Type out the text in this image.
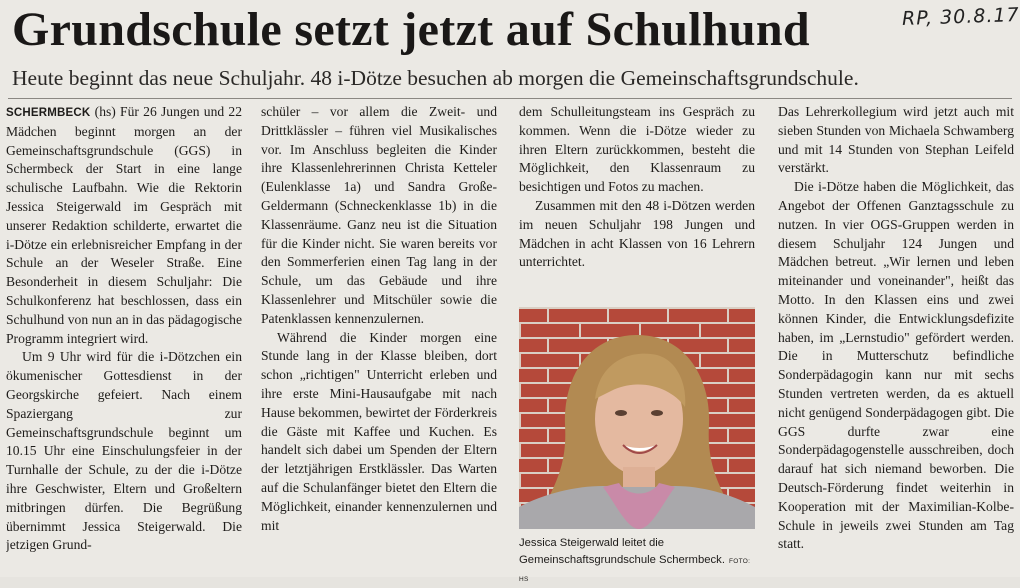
Grundschule setzt jetzt auf Schulhund	RP, 30.8.17
Heute beginnt das neue Schuljahr. 48 i-Dötze besuchen ab morgen die Gemeinschaftsgrundschule.

SCHERMBECK (hs) Für 26 Jungen und 22 Mädchen beginnt morgen an der Gemeinschaftsgrundschule (GGS) in Schermbeck der Start in eine lange schulische Laufbahn. Wie die Rektorin Jessica Steigerwald im Gespräch mit unserer Redaktion schilderte, erwartet die i-Dötze ein erlebnisreicher Empfang in der Schule an der Weseler Straße. Eine Besonderheit in diesem Schuljahr: Die Schulkonferenz hat beschlossen, dass ein Schulhund von nun an in das pädagogische Programm integriert wird.

Um 9 Uhr wird für die i-Dötzchen ein ökumenischer Gottesdienst in der Georgskirche gefeiert. Nach einem Spaziergang zur Gemeinschaftsgrundschule beginnt um 10.15 Uhr eine Einschulungsfeier in der Turnhalle der Schule, zu der die i-Dötze ihre Geschwister, Eltern und Großeltern mitbringen dürfen. Die Begrüßung übernimmt Jessica Steigerwald. Die jetzigen Grund-

schüler – vor allem die Zweit- und Drittklässler – führen viel Musikalisches vor. Im Anschluss begleiten die Kinder ihre Klassenlehrerinnen Christa Ketteler (Eulenklasse 1a) und Sandra Große-Geldermann (Schneckenklasse 1b) in die Klassenräume. Ganz neu ist die Situation für die Kinder nicht. Sie waren bereits vor den Sommerferien einen Tag lang in der Schule, um das Gebäude und ihre Klassenlehrer und Mitschüler sowie die Patenklassen kennenzulernen.

Während die Kinder morgen eine Stunde lang in der Klasse bleiben, dort schon „richtigen" Unterricht erleben und ihre erste Mini-Hausaufgabe mit nach Hause bekommen, bewirtet der Förderkreis die Gäste mit Kaffee und Kuchen. Es handelt sich dabei um Spenden der Eltern der letztjährigen Erstklässler. Das Warten auf die Schulanfänger bietet den Eltern die Möglichkeit, einander kennenzulernen und mit

dem Schulleitungsteam ins Gespräch zu kommen. Wenn die i-Dötze wieder zu ihren Eltern zurückkommen, besteht die Möglichkeit, den Klassenraum zu besichtigen und Fotos zu machen.

Zusammen mit den 48 i-Dötzen werden im neuen Schuljahr 198 Jungen und Mädchen in acht Klassen von 16 Lehrern unterrichtet.

Jessica Steigerwald leitet die Gemeinschaftsgrundschule Schermbeck. FOTO: HS

Das Lehrerkollegium wird jetzt auch mit sieben Stunden von Michaela Schwamberg und mit 14 Stunden von Stephan Leifeld verstärkt.

Die i-Dötze haben die Möglichkeit, das Angebot der Offenen Ganztagsschule zu nutzen. In vier OGS-Gruppen werden in diesem Schuljahr 124 Jungen und Mädchen betreut. „Wir lernen und leben miteinander und voneinander", heißt das Motto. In den Klassen eins und zwei können Kinder, die Entwicklungsdefizite haben, im „Lernstudio" gefördert werden. Die in Mutterschutz befindliche Sonderpädagogin kann nur mit sechs Stunden vertreten werden, da es aktuell nicht genügend Sonderpädagogen gibt. Die GGS durfte zwar eine Sonderpädagogenstelle ausschreiben, doch darauf hat sich niemand beworben. Die Deutsch-Förderung findet weiterhin in Kooperation mit der Maximilian-Kolbe-Schule in jeweils zwei Stunden am Tag statt.
